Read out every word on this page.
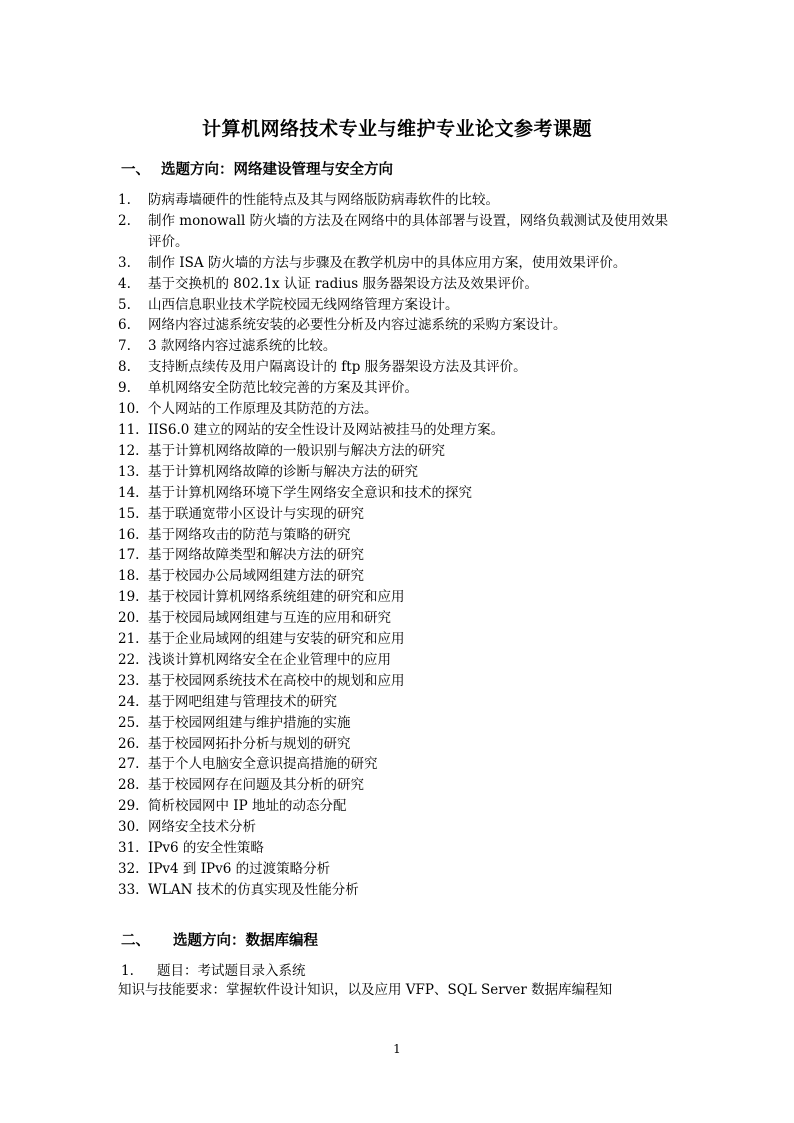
计算机网络技术专业与维护专业论文参考课题
一、 选题方向：网络建设管理与安全方向
1.	防病毒墙硬件的性能特点及其与网络版防病毒软件的比较。
2.	制作 monowall 防火墙的方法及在网络中的具体部署与设置，网络负载测试及使用效果评价。
3.	制作 ISA 防火墙的方法与步骤及在教学机房中的具体应用方案，使用效果评价。
4.	基于交换机的 802.1x 认证 radius 服务器架设方法及效果评价。
5.	山西信息职业技术学院校园无线网络管理方案设计。
6.	网络内容过滤系统安装的必要性分析及内容过滤系统的采购方案设计。
7.	3 款网络内容过滤系统的比较。
8.	支持断点续传及用户隔离设计的 ftp 服务器架设方法及其评价。
9.	单机网络安全防范比较完善的方案及其评价。
10. 个人网站的工作原理及其防范的方法。
11. IIS6.0 建立的网站的安全性设计及网站被挂马的处理方案。
12. 基于计算机网络故障的一般识别与解决方法的研究
13. 基于计算机网络故障的诊断与解决方法的研究
14. 基于计算机网络环境下学生网络安全意识和技术的探究
15. 基于联通宽带小区设计与实现的研究
16. 基于网络攻击的防范与策略的研究
17. 基于网络故障类型和解决方法的研究
18. 基于校园办公局域网组建方法的研究
19. 基于校园计算机网络系统组建的研究和应用
20. 基于校园局域网组建与互连的应用和研究
21. 基于企业局域网的组建与安装的研究和应用
22. 浅谈计算机网络安全在企业管理中的应用
23. 基于校园网系统技术在高校中的规划和应用
24. 基于网吧组建与管理技术的研究
25. 基于校园网组建与维护措施的实施
26. 基于校园网拓扑分析与规划的研究
27. 基于个人电脑安全意识提高措施的研究
28. 基于校园网存在问题及其分析的研究
29. 简析校园网中 IP 地址的动态分配
30. 网络安全技术分析
31. IPv6 的安全性策略
32. IPv4 到 IPv6 的过渡策略分析
33. WLAN 技术的仿真实现及性能分析
二、 选题方向：数据库编程
1. 题目：考试题目录入系统
知识与技能要求：掌握软件设计知识，以及应用 VFP、SQL Server 数据库编程知
1
